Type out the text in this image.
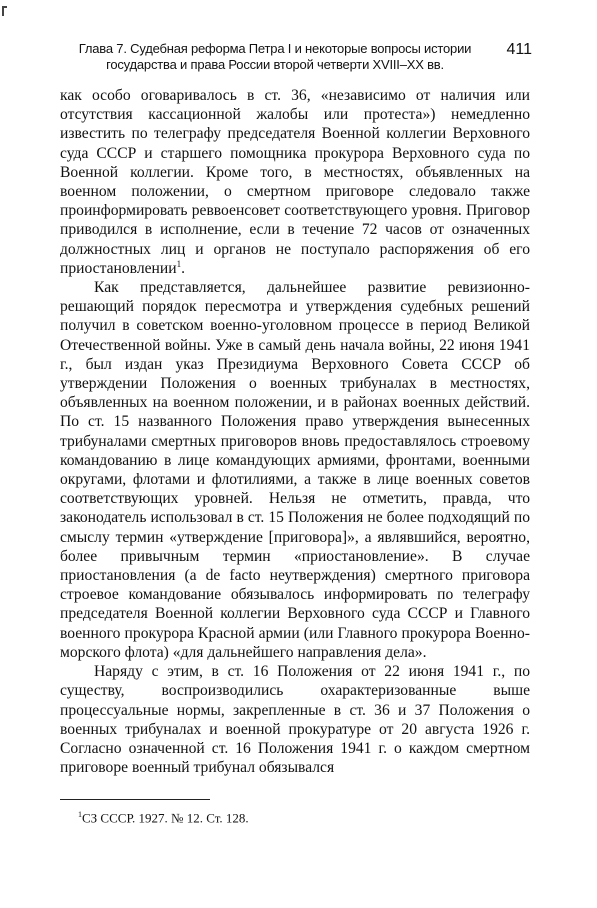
Глава 7. Судебная реформа Петра I и некоторые вопросы истории государства и права России второй четверти XVIII–XX вв.
411

как особо оговаривалось в ст. 36, «независимо от наличия или отсутствия кассационной жалобы или протеста») немедленно известить по телеграфу председателя Военной коллегии Верховного суда СССР и старшего помощника прокурора Верховного суда по Военной коллегии. Кроме того, в местностях, объявленных на военном положении, о смертном приговоре следовало также проинформировать реввоенсовет соответствующего уровня. Приговор приводился в исполнение, если в течение 72 часов от означенных должностных лиц и органов не поступало распоряжения об его приостановлении$^1$.

Как представляется, дальнейшее развитие ревизионно-решающий порядок пересмотра и утверждения судебных решений получил в советском военно-уголовном процессе в период Великой Отечественной войны. Уже в самый день начала войны, 22 июня 1941 г., был издан указ Президиума Верховного Совета СССР об утверждении Положения о военных трибуналах в местностях, объявленных на военном положении, и в районах военных действий. По ст. 15 названного Положения право утверждения вынесенных трибуналами смертных приговоров вновь предоставлялось строевому командованию в лице командующих армиями, фронтами, военными округами, флотами и флотилиями, а также в лице военных советов соответствующих уровней. Нельзя не отметить, правда, что законодатель использовал в ст. 15 Положения не более подходящий по смыслу термин «утверждение [приговора]», а являвшийся, вероятно, более привычным термин «приостановление». В случае приостановления (а de facto неутверждения) смертного приговора строевое командование обязывалось информировать по телеграфу председателя Военной коллегии Верховного суда СССР и Главного военного прокурора Красной армии (или Главного прокурора Военно-морского флота) «для дальнейшего направления дела».

Наряду с этим, в ст. 16 Положения от 22 июня 1941 г., по существу, воспроизводились охарактеризованные выше процессуальные нормы, закрепленные в ст. 36 и 37 Положения о военных трибуналах и военной прокуратуре от 20 августа 1926 г. Согласно означенной ст. 16 Положения 1941 г. о каждом смертном приговоре военный трибунал обязывался

$^1$СЗ СССР. 1927. № 12. Ст. 128.
